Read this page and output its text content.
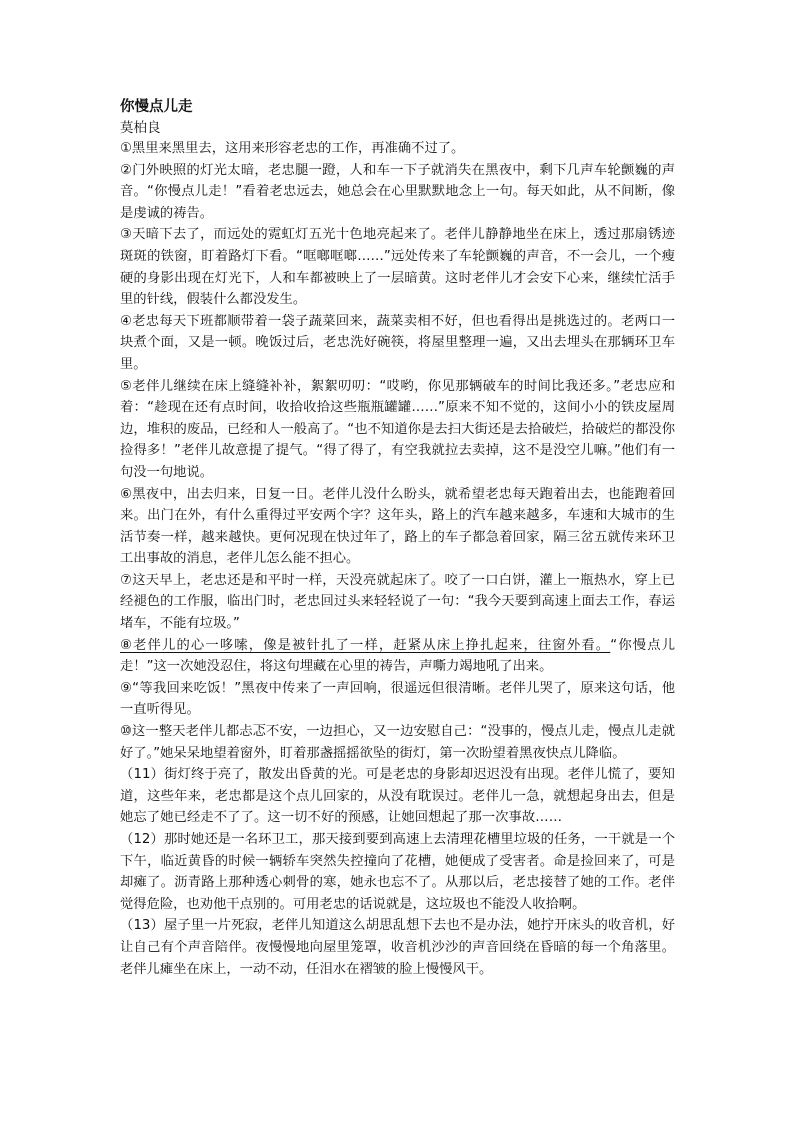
你慢点儿走

莫柏良

①黑里来黑里去，这用来形容老忠的工作，再准确不过了。

②门外映照的灯光太暗，老忠腿一蹬，人和车一下子就消失在黑夜中，剩下几声车轮颤巍的声音。“你慢点儿走！”看着老忠远去，她总会在心里默默地念上一句。每天如此，从不间断，像是虔诚的祷告。

③天暗下去了，而远处的霓虹灯五光十色地亮起来了。老伴儿静静地坐在床上，透过那扇锈迹斑斑的铁窗，盯着路灯下看。“哐啷哐啷……”远处传来了车轮颤巍的声音，不一会儿，一个瘦硬的身影出现在灯光下，人和车都被映上了一层暗黄。这时老伴儿才会安下心来，继续忙活手里的针线，假装什么都没发生。

④老忠每天下班都顺带着一袋子蔬菜回来，蔬菜卖相不好，但也看得出是挑选过的。老两口一块煮个面，又是一顿。晚饭过后，老忠洗好碗筷，将屋里整理一遍，又出去埋头在那辆环卫车里。

⑤老伴儿继续在床上缝缝补补，絮絮叨叨：“哎哟，你见那辆破车的时间比我还多。”老忠应和着：“趁现在还有点时间，收拾收拾这些瓶瓶罐罐……”原来不知不觉的，这间小小的铁皮屋周边，堆积的废品，已经和人一般高了。“也不知道你是去扫大街还是去拾破烂，拾破烂的都没你捡得多！”老伴儿故意提了提气。“得了得了，有空我就拉去卖掉，这不是没空儿嘛。”他们有一句没一句地说。

⑥黑夜中，出去归来，日复一日。老伴儿没什么盼头，就希望老忠每天跑着出去，也能跑着回来。出门在外，有什么重得过平安两个字？这年头，路上的汽车越来越多，车速和大城市的生活节奏一样，越来越快。更何况现在快过年了，路上的车子都急着回家，隔三岔五就传来环卫工出事故的消息，老伴儿怎么能不担心。

⑦这天早上，老忠还是和平时一样，天没亮就起床了。咬了一口白饼，灌上一瓶热水，穿上已经褪色的工作服，临出门时，老忠回过头来轻轻说了一句：“我今天要到高速上面去工作，春运堵车，不能有垃圾。”

⑧老伴儿的心一哆嗦，像是被针扎了一样，赶紧从床上挣扎起来，往窗外看。“你慢点儿走！”这一次她没忍住，将这句埋藏在心里的祷告，声嘶力竭地吼了出来。

⑨“等我回来吃饭！”黑夜中传来了一声回响，很遥远但很清晰。老伴儿哭了，原来这句话，他一直听得见。

⑩这一整天老伴儿都忐忑不安，一边担心，又一边安慰自己：“没事的，慢点儿走，慢点儿走就好了。”她呆呆地望着窗外，盯着那盏摇摇欲坠的街灯，第一次盼望着黑夜快点儿降临。

（11）街灯终于亮了，散发出昏黄的光。可是老忠的身影却迟迟没有出现。老伴儿慌了，要知道，这些年来，老忠都是这个点儿回家的，从没有耽误过。老伴儿一急，就想起身出去，但是她忘了她已经走不了了。这一切不好的预感，让她回想起了那一次事故……

（12）那时她还是一名环卫工，那天接到要到高速上去清理花槽里垃圾的任务，一干就是一个下午，临近黄昏的时候一辆轿车突然失控撞向了花槽，她便成了受害者。命是捡回来了，可是却瘫了。沥青路上那种透心刺骨的寒，她永也忘不了。从那以后，老忠接替了她的工作。老伴觉得危险，也劝他干点别的。可用老忠的话说就是，这垃圾也不能没人收拾啊。

（13）屋子里一片死寂，老伴儿知道这么胡思乱想下去也不是办法，她拧开床头的收音机，好让自己有个声音陪伴。夜慢慢地向屋里笼罩，收音机沙沙的声音回绕在昏暗的每一个角落里。老伴儿瘫坐在床上，一动不动，任泪水在褶皱的脸上慢慢风干。
